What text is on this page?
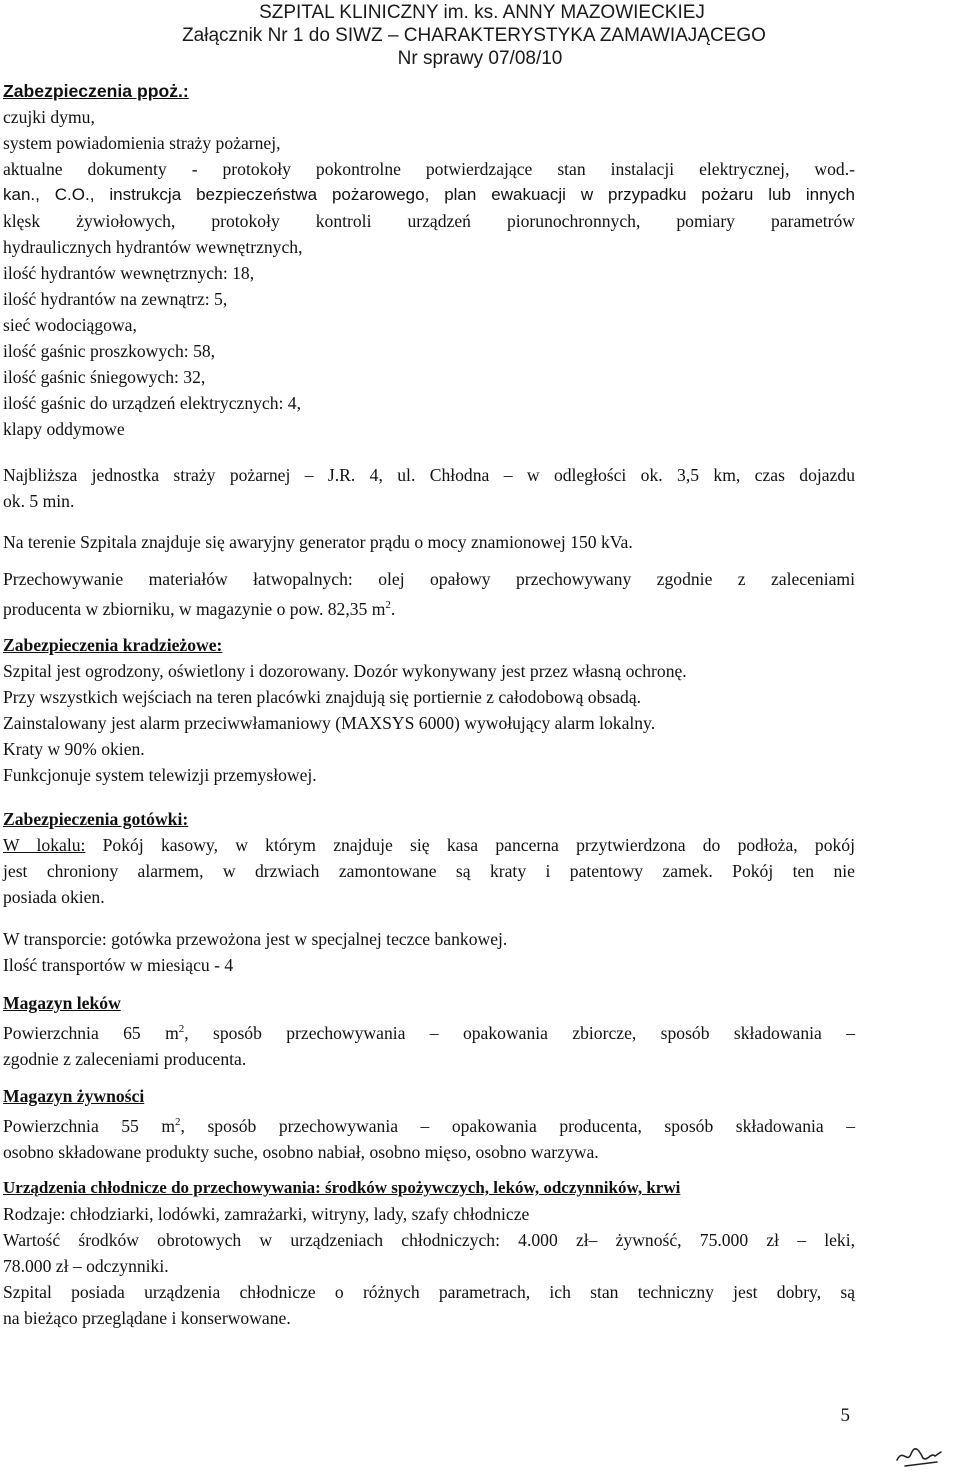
SZPITAL KLINICZNY im. ks. ANNY MAZOWIECKIEJ
Załącznik Nr 1 do SIWZ – CHARAKTERYSTYKA ZAMAWIAJĄCEGO
Nr sprawy 07/08/10
Zabezpieczenia ppoż.:
czujki dymu,
system powiadomienia straży pożarnej,
aktualne dokumenty - protokoły pokontrolne potwierdzające stan instalacji elektrycznej, wod.-
kan., C.O., instrukcja bezpieczeństwa pożarowego, plan ewakuacji w przypadku pożaru lub innych
klęsk żywiołowych, protokoły kontroli urządzeń piorunochronnych, pomiary parametrów
hydraulicznych hydrantów wewnętrznych,
ilość hydrantów wewnętrznych: 18,
ilość hydrantów na zewnątrz: 5,
sieć wodociągowa,
ilość gaśnic proszkowych: 58,
ilość gaśnic śniegowych: 32,
ilość gaśnic do urządzeń elektrycznych: 4,
klapy oddymowe
Najbliższa jednostka straży pożarnej – J.R. 4, ul. Chłodna – w odległości ok. 3,5 km, czas dojazdu
ok. 5 min.
Na terenie Szpitala znajduje się awaryjny generator prądu o mocy znamionowej 150 kVa.
Przechowywanie materiałów łatwopalnych: olej opałowy przechowywany zgodnie z zaleceniami
producenta w zbiorniku, w magazynie o pow. 82,35 $m^2$.
Zabezpieczenia kradzieżowe:
Szpital jest ogrodzony, oświetlony i dozorowany. Dozór wykonywany jest przez własną ochronę.
Przy wszystkich wejściach na teren placówki znajdują się portiernie z całodobową obsadą.
Zainstalowany jest alarm przeciwwłamaniowy (MAXSYS 6000) wywołujący alarm lokalny.
Kraty w 90% okien.
Funkcjonuje system telewizji przemysłowej.
Zabezpieczenia gotówki:
W lokalu: Pokój kasowy, w którym znajduje się kasa pancerna przytwierdzona do podłoża, pokój
jest chroniony alarmem, w drzwiach zamontowane są kraty i patentowy zamek. Pokój ten nie
posiada okien.
W transporcie: gotówka przewożona jest w specjalnej teczce bankowej.
Ilość transportów w miesiącu - 4
Magazyn leków
Powierzchnia 65 $m^2$, sposób przechowywania – opakowania zbiorcze, sposób składowania –
zgodnie z zaleceniami producenta.
Magazyn żywności
Powierzchnia 55 $m^2$, sposób przechowywania – opakowania producenta, sposób składowania –
osobno składowane produkty suche, osobno nabiał, osobno mięso, osobno warzywa.
Urządzenia chłodnicze do przechowywania: środków spożywczych, leków, odczynników, krwi
Rodzaje: chłodziarki, lodówki, zamrażarki, witryny, lady, szafy chłodnicze
Wartość środków obrotowych w urządzeniach chłodniczych: 4.000 zł– żywność, 75.000 zł – leki,
78.000 zł – odczynniki.
Szpital posiada urządzenia chłodnicze o różnych parametrach, ich stan techniczny jest dobry, są
na bieżąco przeglądane i konserwowane.
5
